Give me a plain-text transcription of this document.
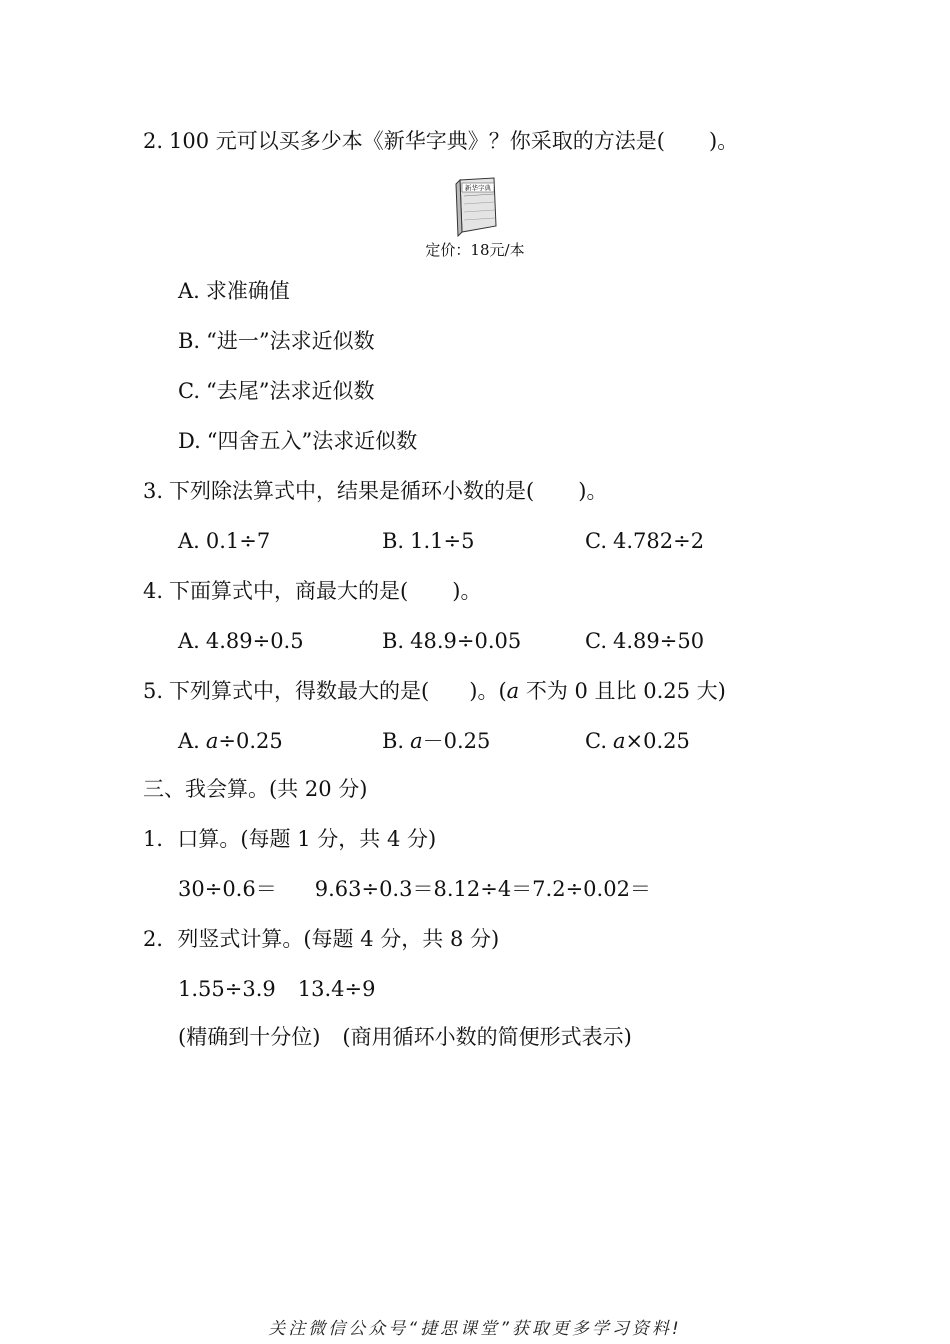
2. 100 元可以买多少本《新华字典》？你采取的方法是( )。
新华字典
定价：18元/本
A. 求准确值
B. “进一”法求近似数
C. “去尾”法求近似数
D. “四舍五入”法求近似数
3. 下列除法算式中，结果是循环小数的是( )。
A. 0.1÷7	B. 1.1÷5	C. 4.782÷2
4. 下面算式中，商最大的是( )。
A. 4.89÷0.5	B. 48.9÷0.05	C. 4.89÷50
5. 下列算式中，得数最大的是( )。(a 不为 0 且比 0.25 大)
A. a÷0.25	B. a－0.25	C. a×0.25
三、我会算。(共 20 分)
1．口算。(每题 1 分，共 4 分)
30÷0.6＝ 9.63÷0.3＝8.12÷4＝7.2÷0.02＝
2．列竖式计算。(每题 4 分，共 8 分)
1.55÷3.9 13.4÷9
(精确到十分位) (商用循环小数的简便形式表示)
关注微信公众号“捷思课堂”获取更多学习资料!
